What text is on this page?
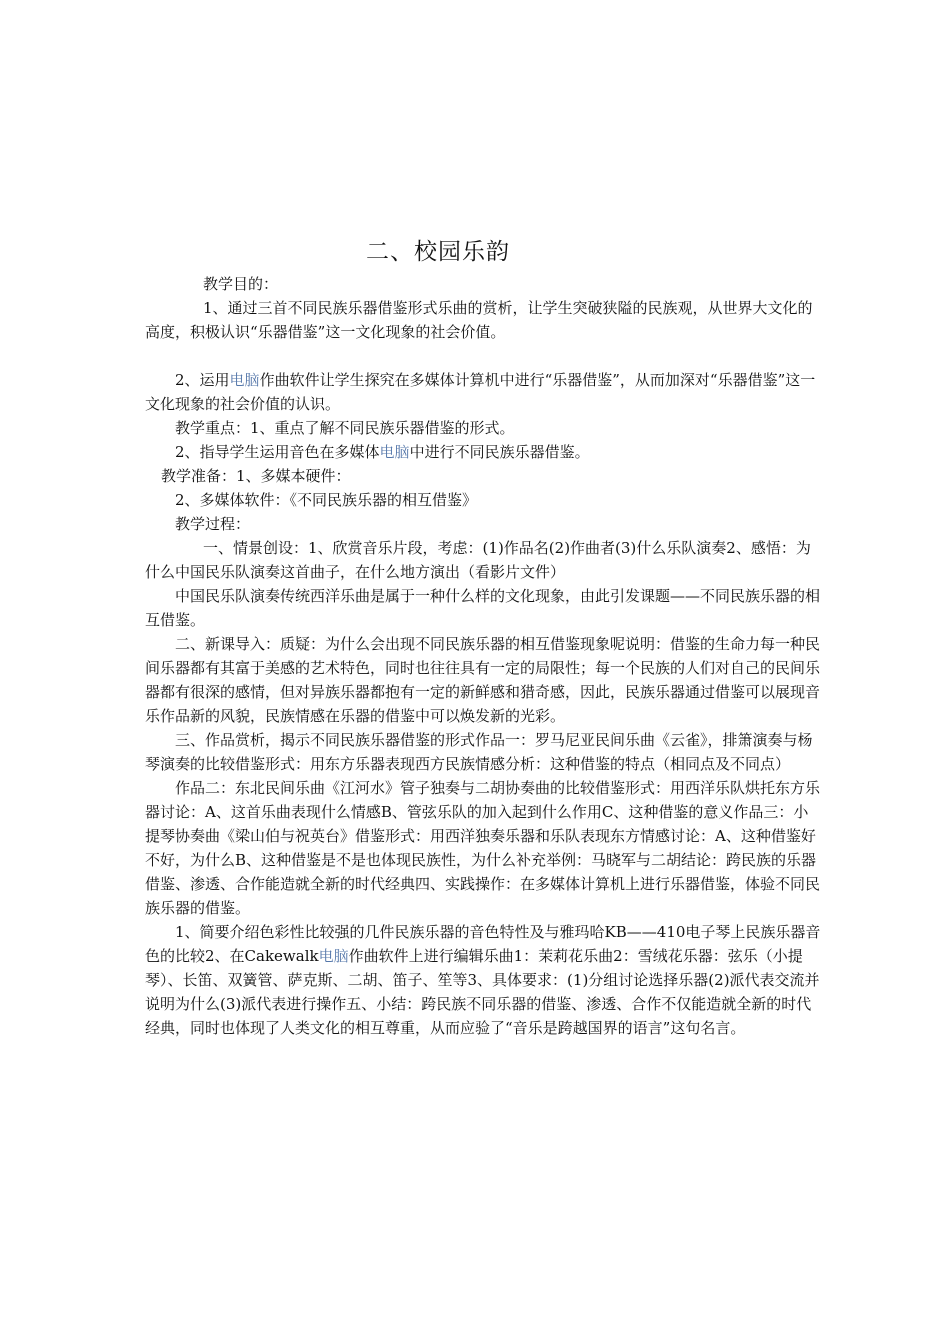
二、校园乐韵

教学目的：

1、通过三首不同民族乐器借鉴形式乐曲的赏析，让学生突破狭隘的民族观，从世界大文化的高度，积极认识“乐器借鉴”这一文化现象的社会价值。

2、运用电脑作曲软件让学生探究在多媒体计算机中进行“乐器借鉴”，从而加深对“乐器借鉴”这一文化现象的社会价值的认识。

教学重点：1、重点了解不同民族乐器借鉴的形式。

2、指导学生运用音色在多媒体电脑中进行不同民族乐器借鉴。

教学准备：1、多媒本硬件：

2、多媒体软件：《不同民族乐器的相互借鉴》

教学过程：

一、情景创设：1、欣赏音乐片段，考虑：(1)作品名(2)作曲者(3)什么乐队演奏2、感悟：为什么中国民乐队演奏这首曲子，在什么地方演出（看影片文件）

中国民乐队演奏传统西洋乐曲是属于一种什么样的文化现象，由此引发课题——不同民族乐器的相互借鉴。

二、新课导入：质疑：为什么会出现不同民族乐器的相互借鉴现象呢说明：借鉴的生命力每一种民间乐器都有其富于美感的艺术特色，同时也往往具有一定的局限性；每一个民族的人们对自己的民间乐器都有很深的感情，但对异族乐器都抱有一定的新鲜感和猎奇感，因此，民族乐器通过借鉴可以展现音乐作品新的风貌，民族情感在乐器的借鉴中可以焕发新的光彩。

三、作品赏析，揭示不同民族乐器借鉴的形式作品一：罗马尼亚民间乐曲《云雀》，排箫演奏与杨琴演奏的比较借鉴形式：用东方乐器表现西方民族情感分析：这种借鉴的特点（相同点及不同点）

作品二：东北民间乐曲《江河水》管子独奏与二胡协奏曲的比较借鉴形式：用西洋乐队烘托东方乐器讨论：A、这首乐曲表现什么情感B、管弦乐队的加入起到什么作用C、这种借鉴的意义作品三：小提琴协奏曲《梁山伯与祝英台》借鉴形式：用西洋独奏乐器和乐队表现东方情感讨论：A、这种借鉴好不好，为什么B、这种借鉴是不是也体现民族性，为什么补充举例：马晓军与二胡结论：跨民族的乐器借鉴、渗透、合作能造就全新的时代经典四、实践操作：在多媒体计算机上进行乐器借鉴，体验不同民族乐器的借鉴。

1、简要介绍色彩性比较强的几件民族乐器的音色特性及与雅玛哈KB——410电子琴上民族乐器音色的比较2、在Cakewalk电脑作曲软件上进行编辑乐曲1：茉莉花乐曲2：雪绒花乐器：弦乐（小提琴）、长笛、双簧管、萨克斯、二胡、笛子、笙等3、具体要求：(1)分组讨论选择乐器(2)派代表交流并说明为什么(3)派代表进行操作五、小结：跨民族不同乐器的借鉴、渗透、合作不仅能造就全新的时代经典，同时也体现了人类文化的相互尊重，从而应验了“音乐是跨越国界的语言”这句名言。
